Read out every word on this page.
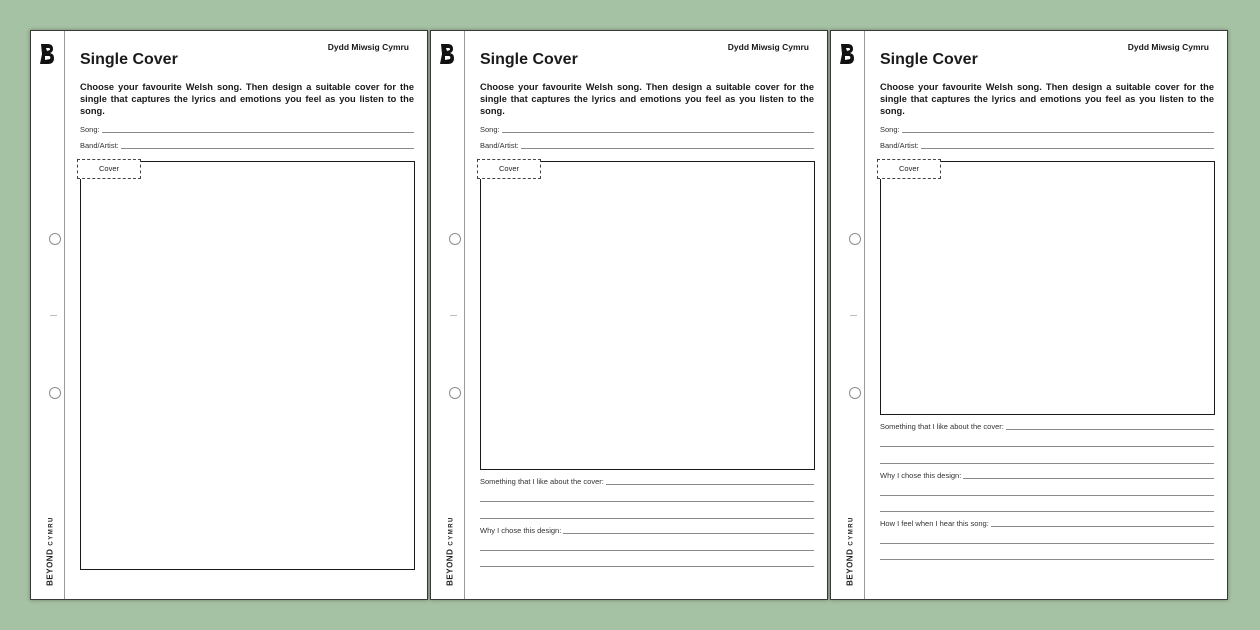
BEYONDCYMRU
Dydd Miwsig Cymru
Single Cover
Choose your favourite Welsh song. Then design a suitable cover for the single that captures the lyrics and emotions you feel as you listen to the song.
Song:
Band/Artist:
Cover
BEYONDCYMRU
Dydd Miwsig Cymru
Single Cover
Choose your favourite Welsh song. Then design a suitable cover for the single that captures the lyrics and emotions you feel as you listen to the song.
Song:
Band/Artist:
Cover
Something that I like about the cover:
Why I chose this design:
BEYONDCYMRU
Dydd Miwsig Cymru
Single Cover
Choose your favourite Welsh song. Then design a suitable cover for the single that captures the lyrics and emotions you feel as you listen to the song.
Song:
Band/Artist:
Cover
Something that I like about the cover:
Why I chose this design:
How I feel when I hear this song:
